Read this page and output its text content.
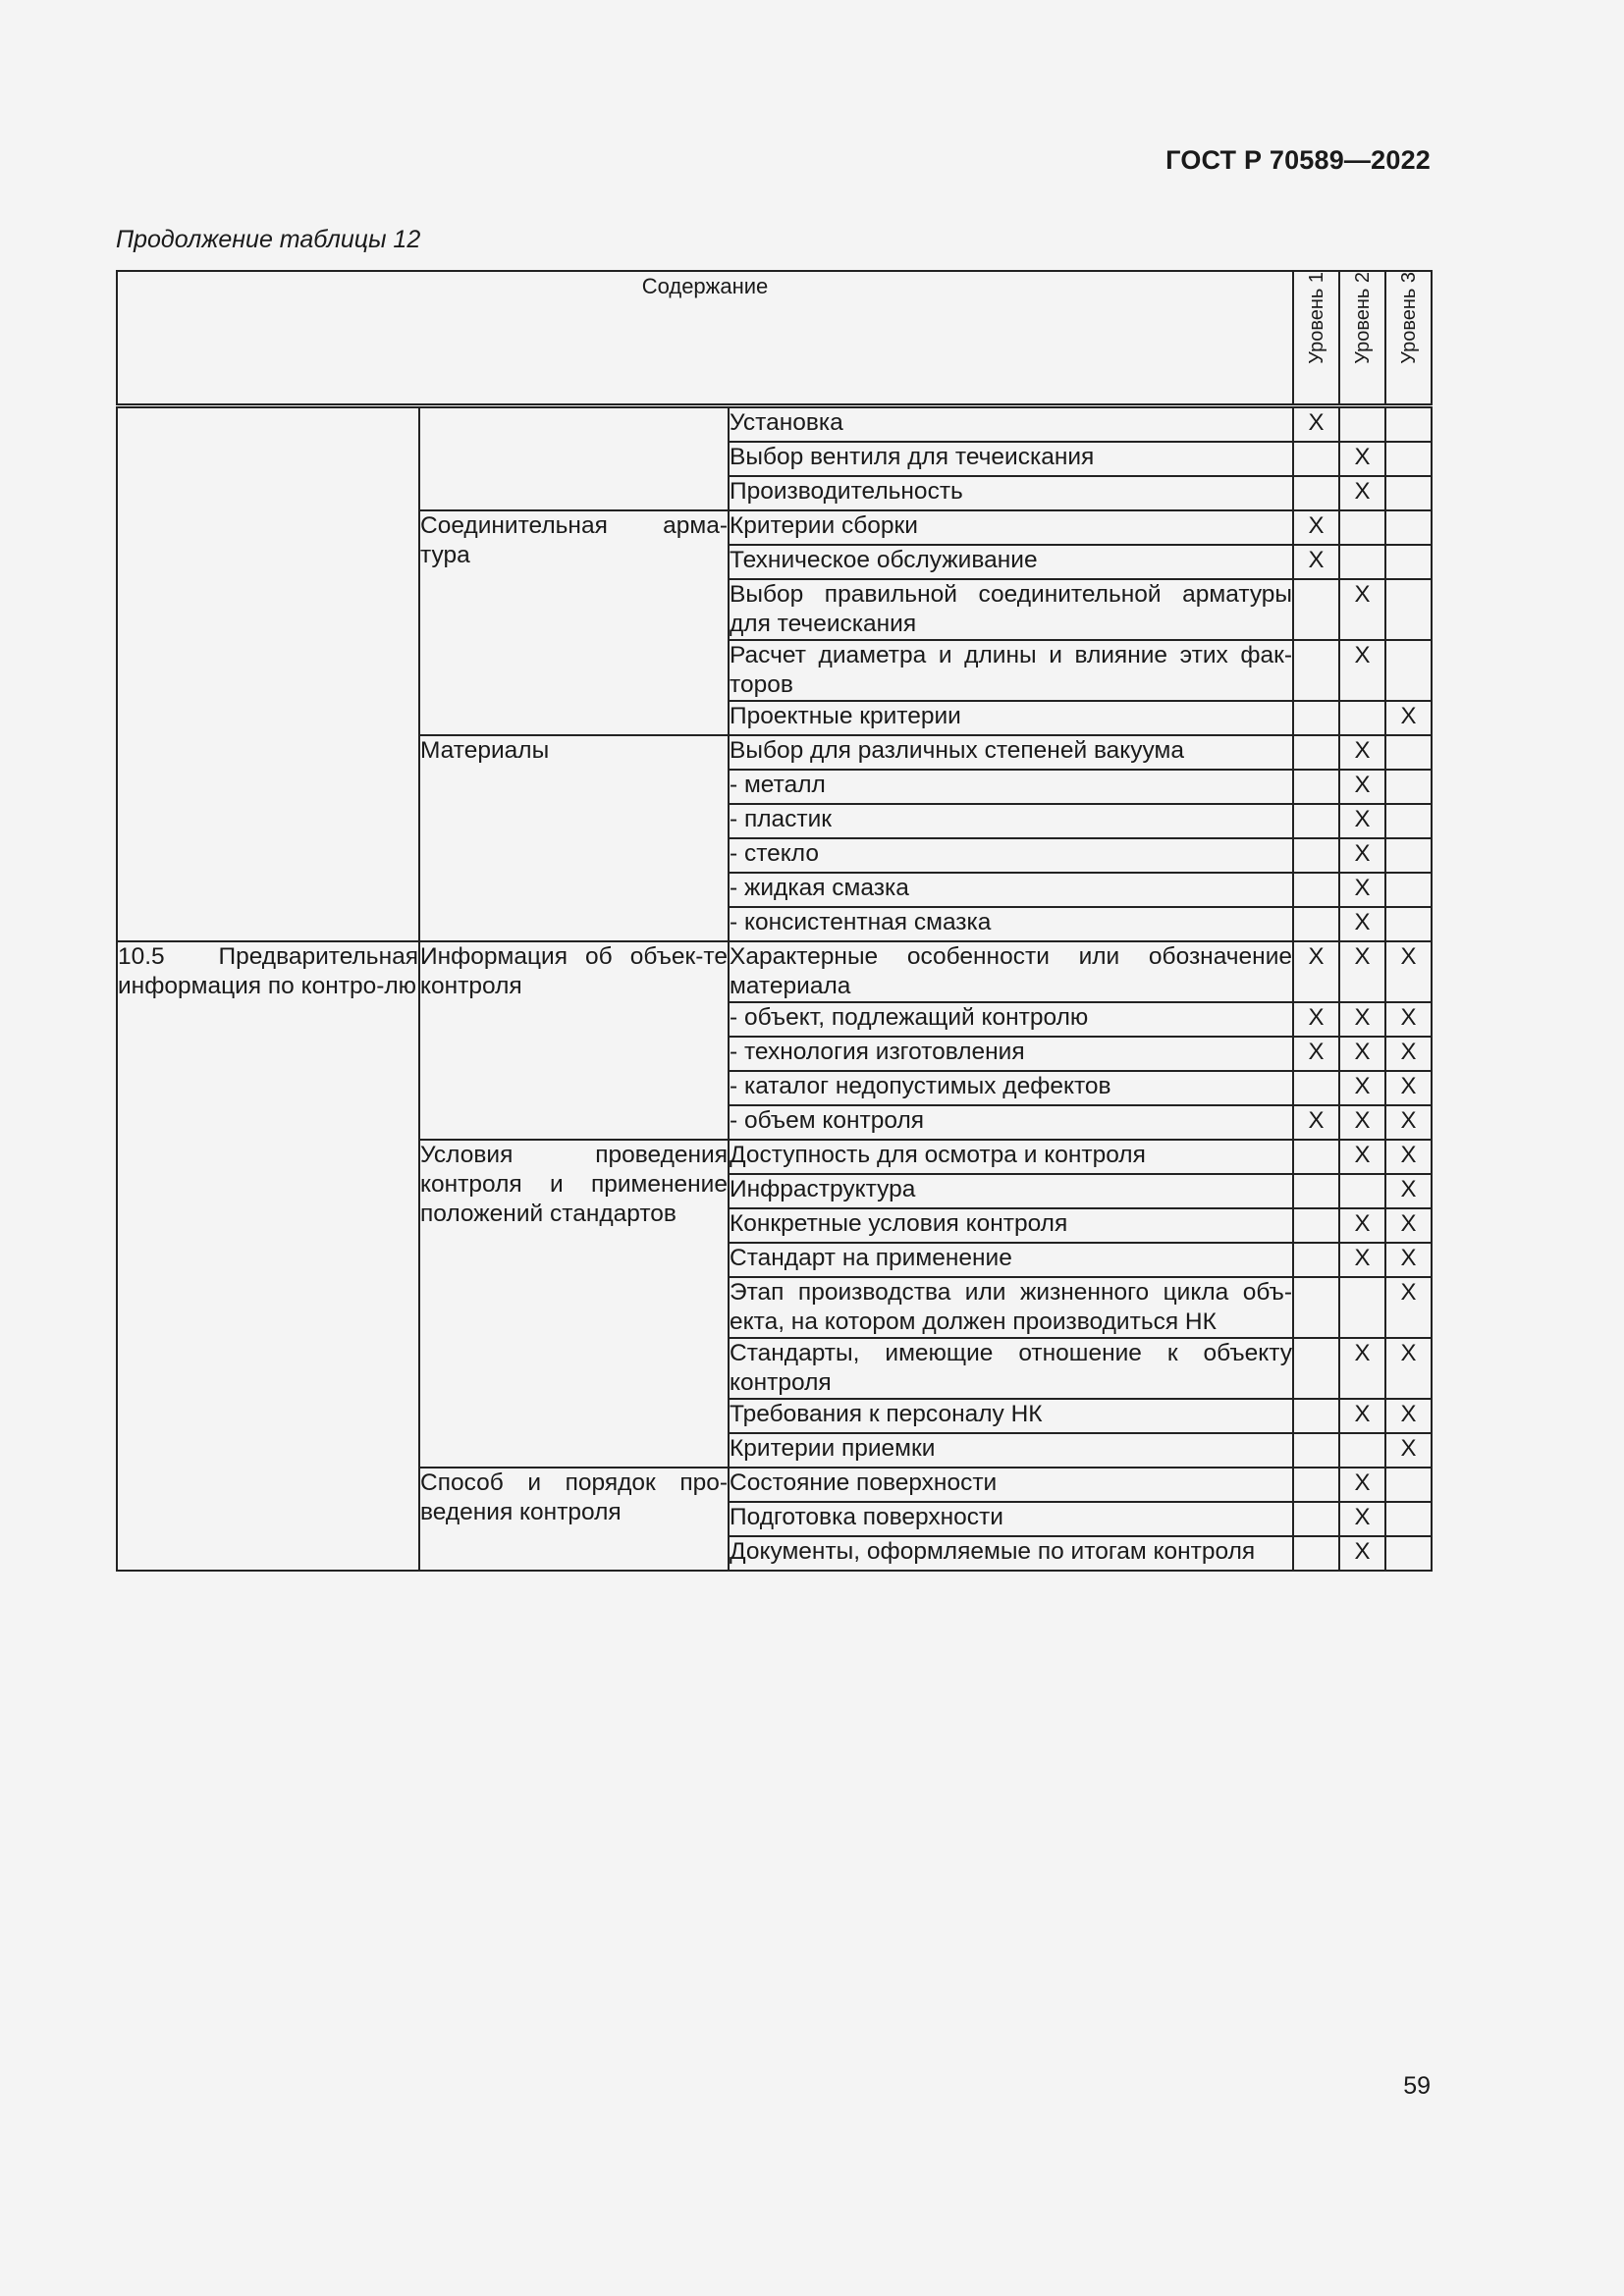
ГОСТ Р 70589—2022
Продолжение таблицы 12
Содержание			Уровень 1	Уровень 2	Уровень 3
		Установка	X		
		Выбор вентиля для течеискания		X	
		Производительность		X	
	Соединительная арма-тура	Критерии сборки	X		
		Техническое обслуживание	X		
		Выбор правильной соединительной арматуры для течеискания		X	
		Расчет диаметра и длины и влияние этих фак-торов		X	
		Проектные критерии			X
	Материалы	Выбор для различных степеней вакуума		X	
		- металл		X	
		- пластик		X	
		- стекло		X	
		- жидкая смазка		X	
		- консистентная смазка		X	
10.5 Предварительная информация по контро-лю	Информация об объек-те контроля	Характерные особенности или обозначение материала	X	X	X
		- объект, подлежащий контролю	X	X	X
		- технология изготовления	X	X	X
		- каталог недопустимых дефектов		X	X
		- объем контроля	X	X	X
	Условия проведения контроля и применение положений стандартов	Доступность для осмотра и контроля		X	X
		Инфраструктура			X
		Конкретные условия контроля		X	X
		Стандарт на применение		X	X
		Этап производства или жизненного цикла объ-екта, на котором должен производиться НК			X
		Стандарты, имеющие отношение к объекту контроля		X	X
		Требования к персоналу НК		X	X
		Критерии приемки			X
	Способ и порядок про-ведения контроля	Состояние поверхности		X	
		Подготовка поверхности		X	
		Документы, оформляемые по итогам контроля		X	
59
